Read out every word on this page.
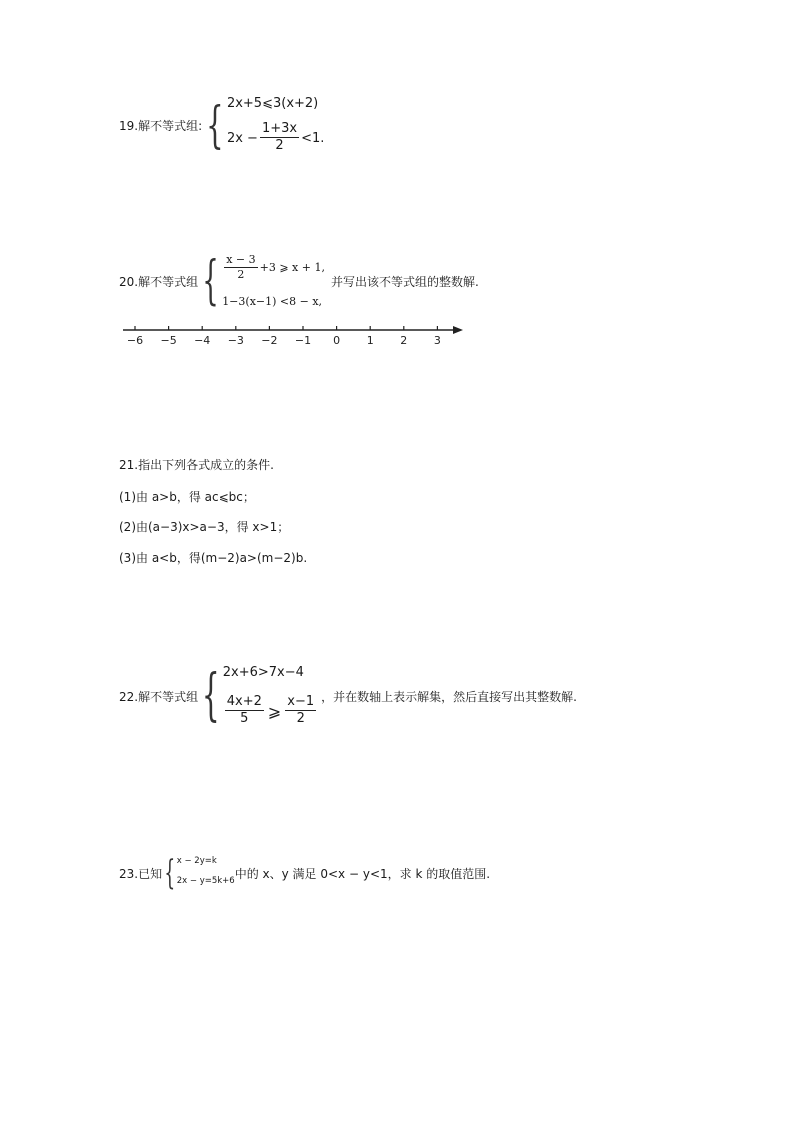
19.解不等式组: { 2x+5⩽3(x+2)
$2x - \frac{1+3x}{2} <1$ .
20.解不等式组 { $\frac{x - 3}{2} +3$ ⩾ x + 1,
1−3(x−1) <8 − x,
并写出该不等式组的整数解.
−6 −5 −4 −3 −2 −1 0 1 2 3
21.指出下列各式成立的条件.
(1)由 a>b，得 ac⩽bc；
(2)由(a−3)x>a−3，得 x>1；
(3)由 a<b，得(m−2)a>(m−2)b.
22.解不等式组 { 2x+6>7x−4
$\frac{4x+2}{5}$ ⩾ $\frac{x-1}{2}$ ，并在数轴上表示解集，然后直接写出其整数解.
23.已知 { x − 2y=k
2x − y=5k+6
中的 x、y 满足 0<x − y<1，求 k 的取值范围.
